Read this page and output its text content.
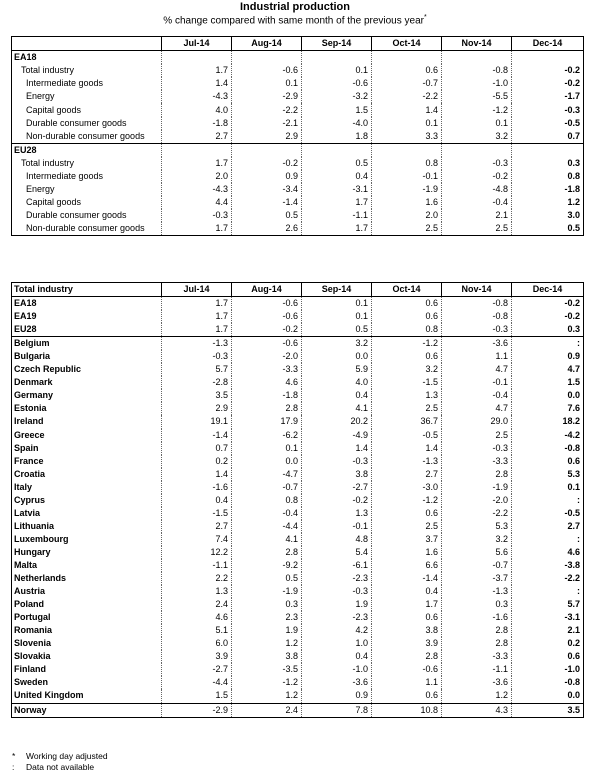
Industrial production
% change compared with same month of the previous year*
	Jul-14	Aug-14	Sep-14	Oct-14	Nov-14	Dec-14
EA18						
Total industry	1.7	-0.6	0.1	0.6	-0.8	-0.2
Intermediate goods	1.4	0.1	-0.6	-0.7	-1.0	-0.2
Energy	-4.3	-2.9	-3.2	-2.2	-5.5	-1.7
Capital goods	4.0	-2.2	1.5	1.4	-1.2	-0.3
Durable consumer goods	-1.8	-2.1	-4.0	0.1	0.1	-0.5
Non-durable consumer goods	2.7	2.9	1.8	3.3	3.2	0.7
EU28						
Total industry	1.7	-0.2	0.5	0.8	-0.3	0.3
Intermediate goods	2.0	0.9	0.4	-0.1	-0.2	0.8
Energy	-4.3	-3.4	-3.1	-1.9	-4.8	-1.8
Capital goods	4.4	-1.4	1.7	1.6	-0.4	1.2
Durable consumer goods	-0.3	0.5	-1.1	2.0	2.1	3.0
Non-durable consumer goods	1.7	2.6	1.7	2.5	2.5	0.5
Total industry	Jul-14	Aug-14	Sep-14	Oct-14	Nov-14	Dec-14
EA18	1.7	-0.6	0.1	0.6	-0.8	-0.2
EA19	1.7	-0.6	0.1	0.6	-0.8	-0.2
EU28	1.7	-0.2	0.5	0.8	-0.3	0.3
Belgium	-1.3	-0.6	3.2	-1.2	-3.6	:
Bulgaria	-0.3	-2.0	0.0	0.6	1.1	0.9
Czech Republic	5.7	-3.3	5.9	3.2	4.7	4.7
Denmark	-2.8	4.6	4.0	-1.5	-0.1	1.5
Germany	3.5	-1.8	0.4	1.3	-0.4	0.0
Estonia	2.9	2.8	4.1	2.5	4.7	7.6
Ireland	19.1	17.9	20.2	36.7	29.0	18.2
Greece	-1.4	-6.2	-4.9	-0.5	2.5	-4.2
Spain	0.7	0.1	1.4	1.4	-0.3	-0.8
France	0.2	0.0	-0.3	-1.3	-3.3	0.6
Croatia	1.4	-4.7	3.8	2.7	2.8	5.3
Italy	-1.6	-0.7	-2.7	-3.0	-1.9	0.1
Cyprus	0.4	0.8	-0.2	-1.2	-2.0	:
Latvia	-1.5	-0.4	1.3	0.6	-2.2	-0.5
Lithuania	2.7	-4.4	-0.1	2.5	5.3	2.7
Luxembourg	7.4	4.1	4.8	3.7	3.2	:
Hungary	12.2	2.8	5.4	1.6	5.6	4.6
Malta	-1.1	-9.2	-6.1	6.6	-0.7	-3.8
Netherlands	2.2	0.5	-2.3	-1.4	-3.7	-2.2
Austria	1.3	-1.9	-0.3	0.4	-1.3	:
Poland	2.4	0.3	1.9	1.7	0.3	5.7
Portugal	4.6	2.3	-2.3	0.6	-1.6	-3.1
Romania	5.1	1.9	4.2	3.8	2.8	2.1
Slovenia	6.0	1.2	1.0	3.9	2.8	0.2
Slovakia	3.9	3.8	0.4	2.8	-3.3	0.6
Finland	-2.7	-3.5	-1.0	-0.6	-1.1	-1.0
Sweden	-4.4	-1.2	-3.6	1.1	-3.6	-0.8
United Kingdom	1.5	1.2	0.9	0.6	1.2	0.0
Norway	-2.9	2.4	7.8	10.8	4.3	3.5
* Working day adjusted
: Data not available
